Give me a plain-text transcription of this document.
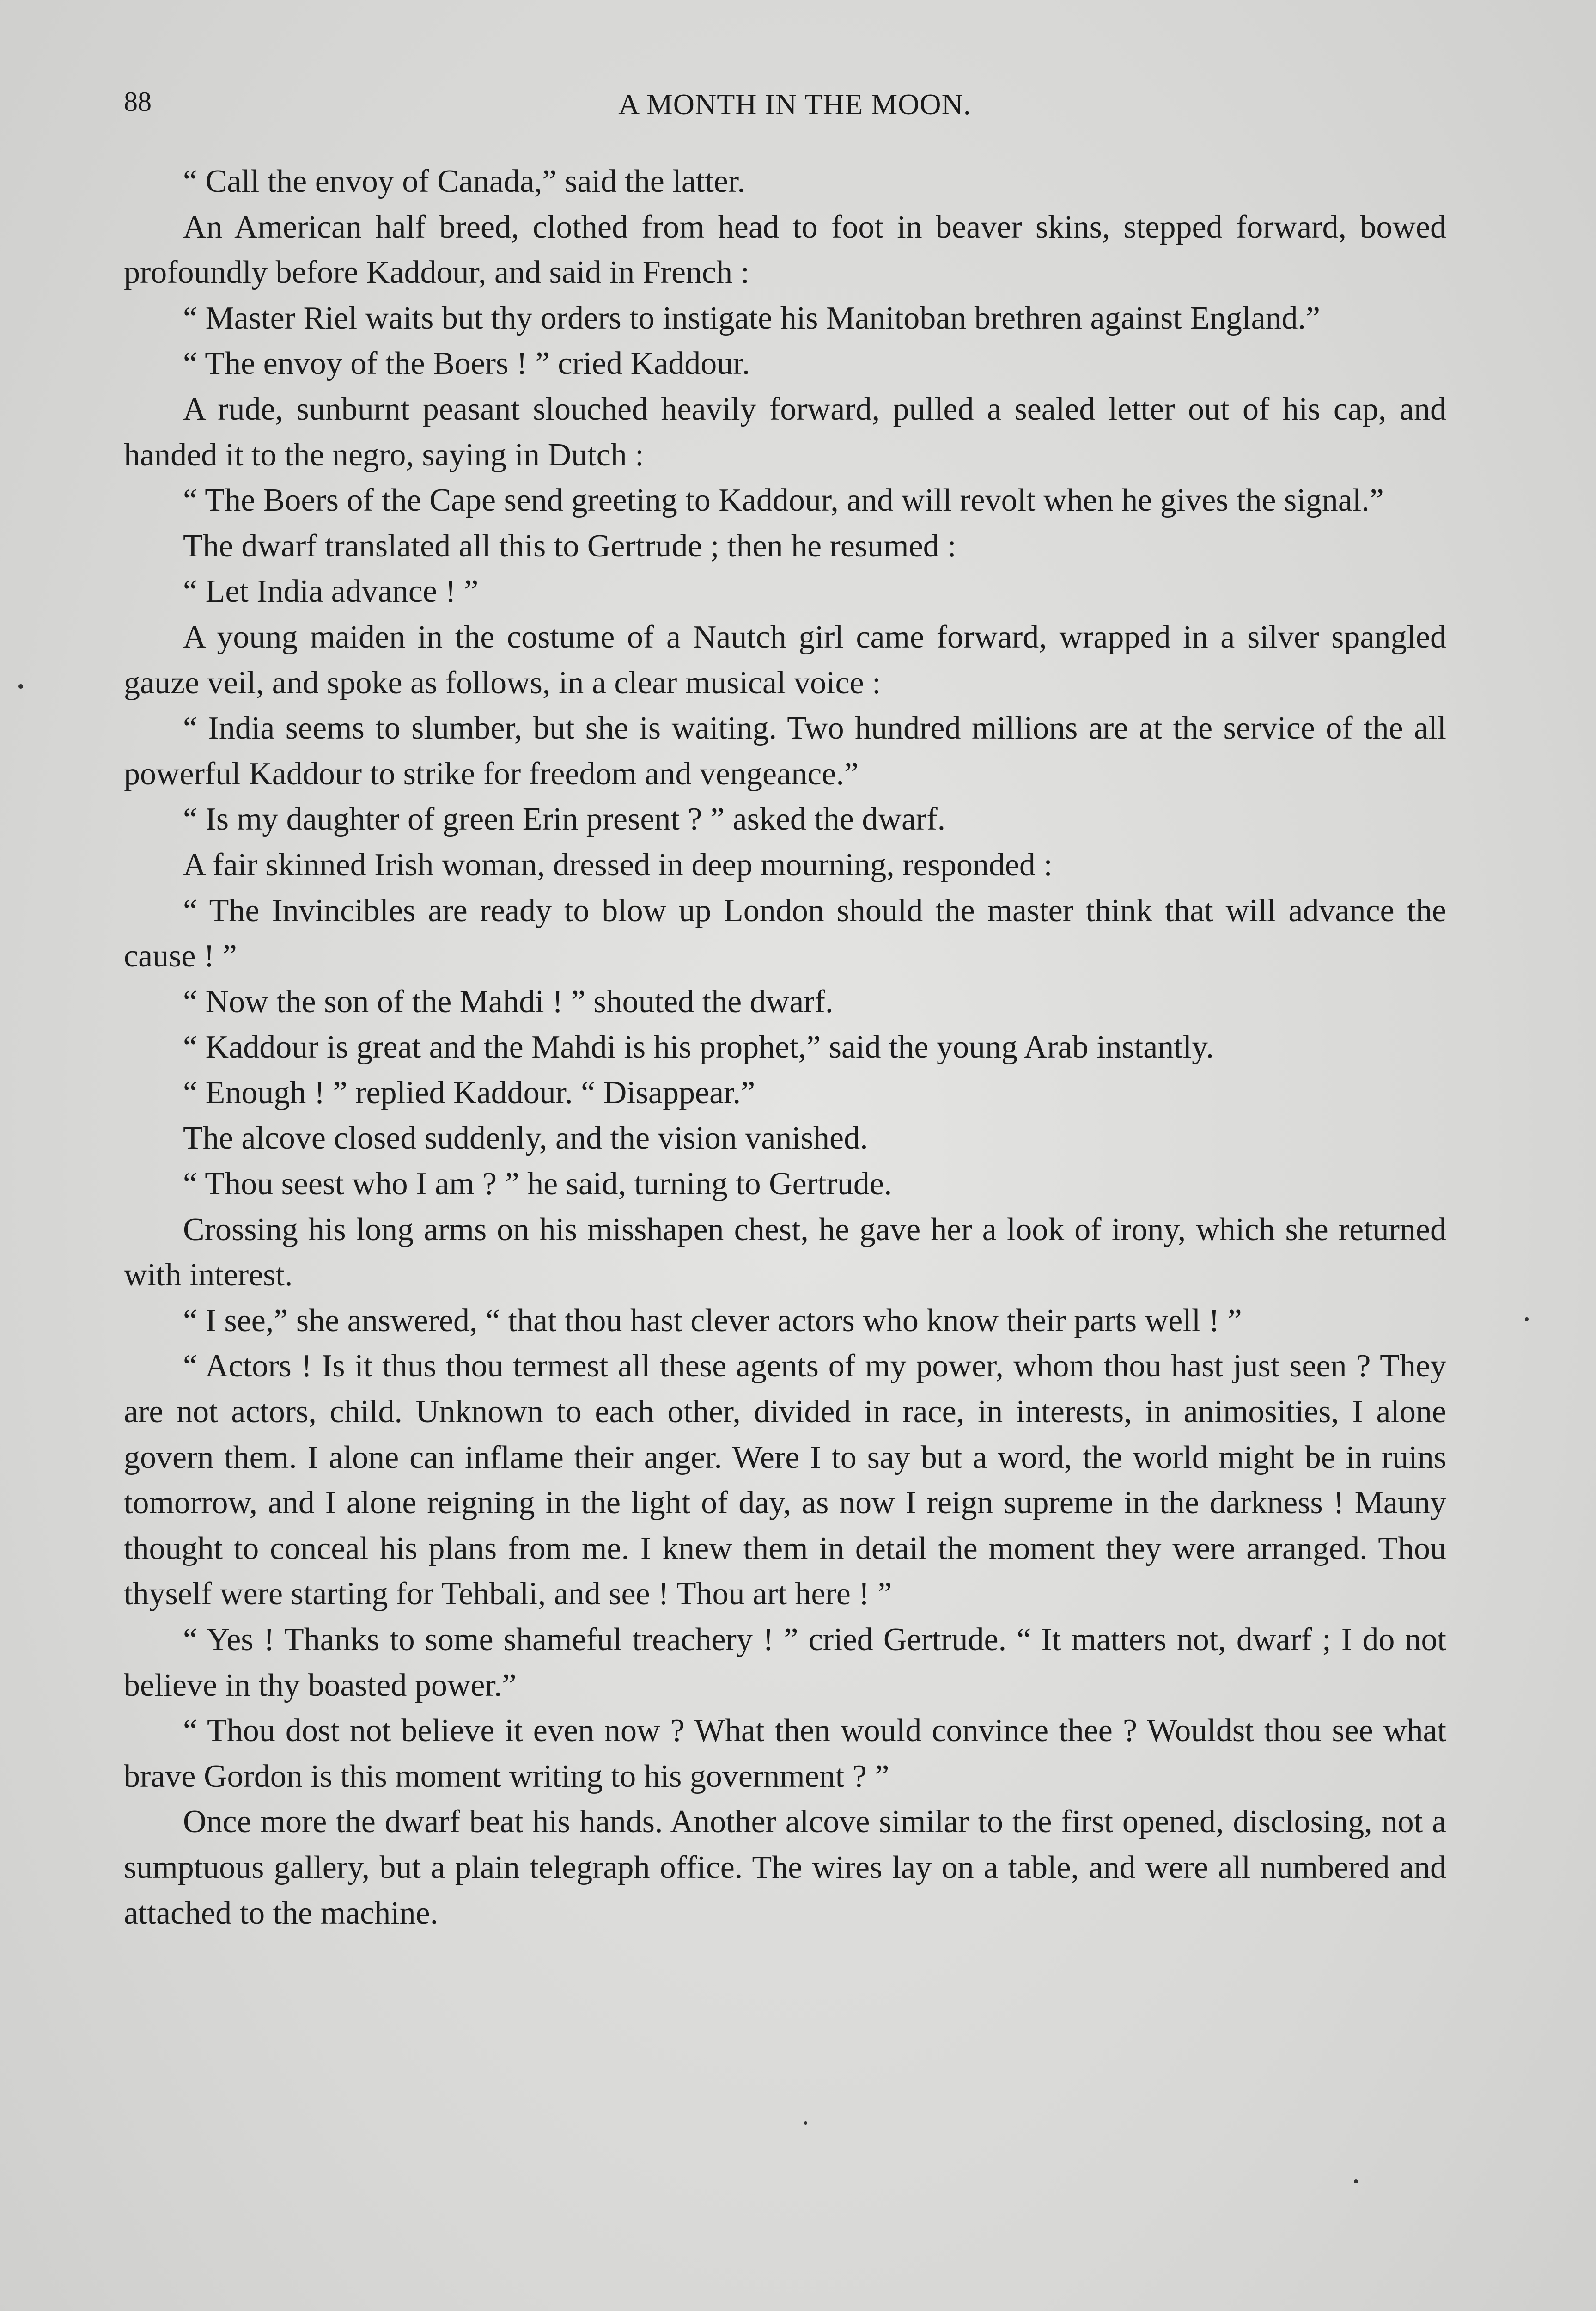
88	A MONTH IN THE MOON.

“ Call the envoy of Canada,” said the latter.

An American half breed, clothed from head to foot in beaver skins, stepped forward, bowed profoundly before Kaddour, and said in French :

“ Master Riel waits but thy orders to instigate his Manitoban brethren against England.”

“ The envoy of the Boers ! ” cried Kaddour.

A rude, sunburnt peasant slouched heavily forward, pulled a sealed letter out of his cap, and handed it to the negro, saying in Dutch :

“ The Boers of the Cape send greeting to Kaddour, and will revolt when he gives the signal.”

The dwarf translated all this to Gertrude ; then he resumed :

“ Let India advance ! ”

A young maiden in the costume of a Nautch girl came forward, wrapped in a silver spangled gauze veil, and spoke as follows, in a clear musical voice :

“ India seems to slumber, but she is waiting. Two hundred millions are at the service of the all powerful Kaddour to strike for freedom and vengeance.”

“ Is my daughter of green Erin present ? ” asked the dwarf.

A fair skinned Irish woman, dressed in deep mourning, responded :

“ The Invincibles are ready to blow up London should the master think that will advance the cause ! ”

“ Now the son of the Mahdi ! ” shouted the dwarf.

“ Kaddour is great and the Mahdi is his prophet,” said the young Arab instantly.

“ Enough ! ” replied Kaddour. “ Disappear.”

The alcove closed suddenly, and the vision vanished.

“ Thou seest who I am ? ” he said, turning to Gertrude.

Crossing his long arms on his misshapen chest, he gave her a look of irony, which she returned with interest.

“ I see,” she answered, “ that thou hast clever actors who know their parts well ! ”

“ Actors ! Is it thus thou termest all these agents of my power, whom thou hast just seen ? They are not actors, child. Unknown to each other, divided in race, in interests, in animosities, I alone govern them. I alone can inflame their anger. Were I to say but a word, the world might be in ruins tomorrow, and I alone reigning in the light of day, as now I reign supreme in the darkness ! Mauny thought to conceal his plans from me. I knew them in detail the moment they were arranged. Thou thyself were starting for Tehbali, and see ! Thou art here ! ”

“ Yes ! Thanks to some shameful treachery ! ” cried Gertrude. “ It matters not, dwarf ; I do not believe in thy boasted power.”

“ Thou dost not believe it even now ? What then would convince thee ? Wouldst thou see what brave Gordon is this moment writing to his government ? ”

Once more the dwarf beat his hands. Another alcove similar to the first opened, disclosing, not a sumptuous gallery, but a plain telegraph office. The wires lay on a table, and were all numbered and attached to the machine.
